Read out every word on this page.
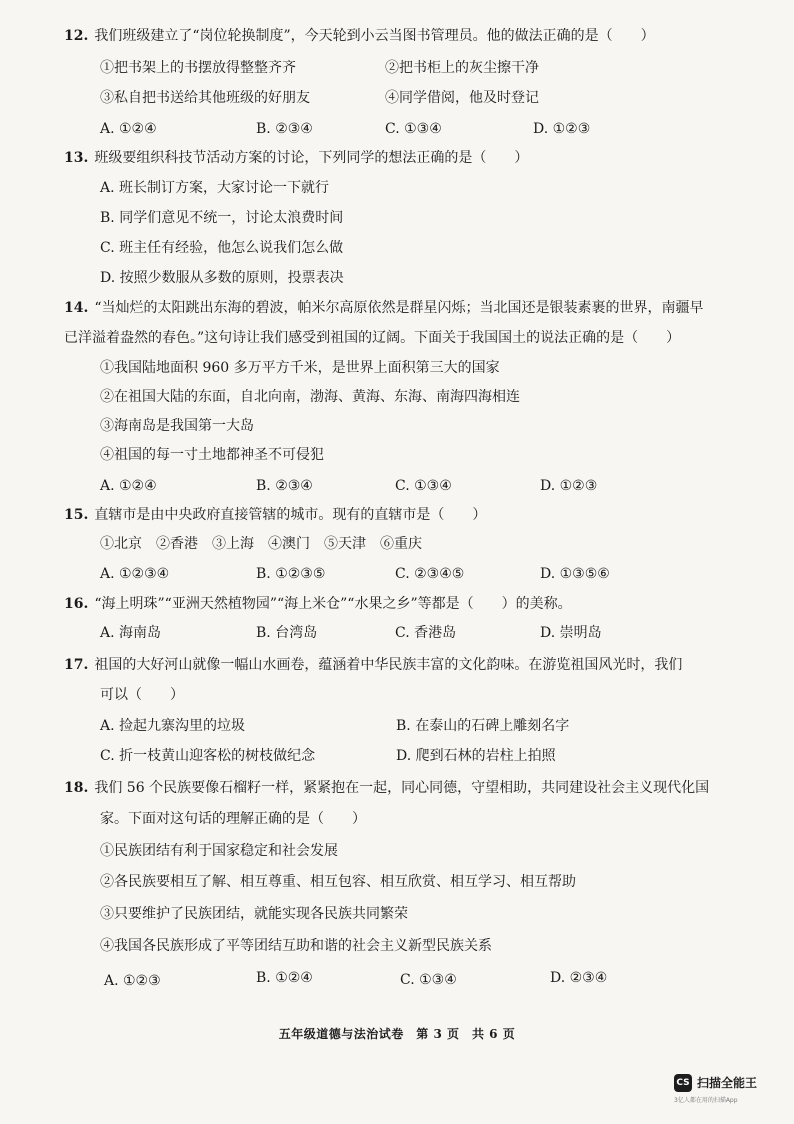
12. 我们班级建立了“岗位轮换制度”，今天轮到小云当图书管理员。他的做法正确的是（　　）
①把书架上的书摆放得整整齐齐	②把书柜上的灰尘擦干净
③私自把书送给其他班级的好朋友	④同学借阅，他及时登记
A. ①②④	B. ②③④	C. ①③④	D. ①②③
13. 班级要组织科技节活动方案的讨论，下列同学的想法正确的是（　　）
A. 班长制订方案，大家讨论一下就行
B. 同学们意见不统一，讨论太浪费时间
C. 班主任有经验，他怎么说我们怎么做
D. 按照少数服从多数的原则，投票表决
14. “当灿烂的太阳跳出东海的碧波，帕米尔高原依然是群星闪烁；当北国还是银装素裹的世界，南疆早
已洋溢着盎然的春色。”这句诗让我们感受到祖国的辽阔。下面关于我国国土的说法正确的是（　　）
①我国陆地面积 960 多万平方千米，是世界上面积第三大的国家
②在祖国大陆的东面，自北向南，渤海、黄海、东海、南海四海相连
③海南岛是我国第一大岛
④祖国的每一寸土地都神圣不可侵犯
A. ①②④	B. ②③④	C. ①③④	D. ①②③
15. 直辖市是由中央政府直接管辖的城市。现有的直辖市是（　　）
①北京　②香港　③上海　④澳门　⑤天津　⑥重庆
A. ①②③④	B. ①②③⑤	C. ②③④⑤	D. ①③⑤⑥
16. “海上明珠”“亚洲天然植物园”“海上米仓”“水果之乡”等都是（　　）的美称。
A. 海南岛	B. 台湾岛	C. 香港岛	D. 崇明岛
17. 祖国的大好河山就像一幅山水画卷，蕴涵着中华民族丰富的文化韵味。在游览祖国风光时，我们
可以（　　）
A. 捡起九寨沟里的垃圾	B. 在泰山的石碑上雕刻名字
C. 折一枝黄山迎客松的树枝做纪念	D. 爬到石林的岩柱上拍照
18. 我们 56 个民族要像石榴籽一样，紧紧抱在一起，同心同德，守望相助，共同建设社会主义现代化国
家。下面对这句话的理解正确的是（　　）
①民族团结有利于国家稳定和社会发展
②各民族要相互了解、相互尊重、相互包容、相互欣赏、相互学习、相互帮助
③只要维护了民族团结，就能实现各民族共同繁荣
④我国各民族形成了平等团结互助和谐的社会主义新型民族关系
A. ①②③	B. ①②④	C. ①③④	D. ②③④
五年级道德与法治试卷　第 3 页　共 6 页
CS 扫描全能王
3亿人都在用的扫描App
